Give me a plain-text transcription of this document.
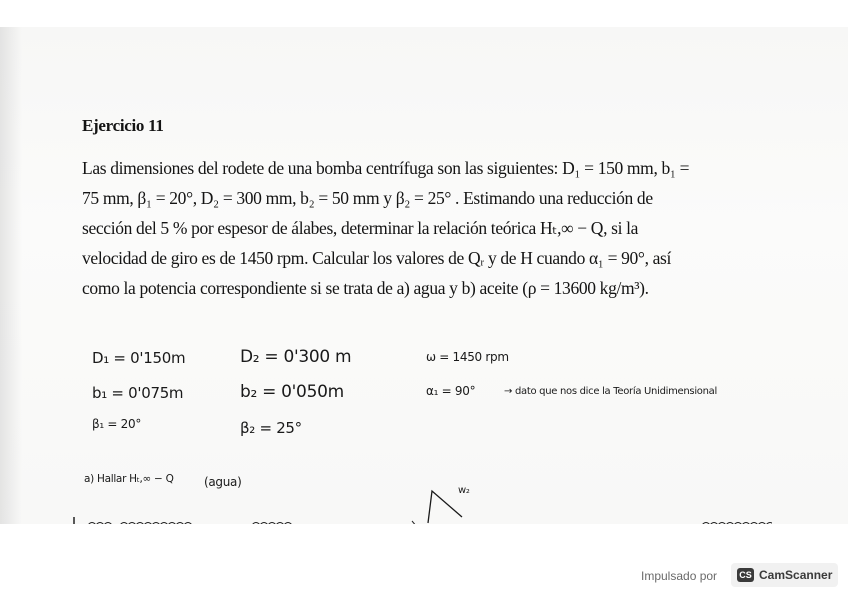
Ejercicio 11
Las dimensiones del rodete de una bomba centrífuga son las siguientes: D₁ = 150 mm, b₁ =
75 mm, β₁ = 20°, D₂ = 300 mm, b₂ = 50 mm y β₂ = 25° . Estimando una reducción de
sección del 5 % por espesor de álabes, determinar la relación teórica Hₜ,∞ − Q, si la
velocidad de giro es de 1450 rpm. Calcular los valores de Qᵣ y de H cuando α₁ = 90°, así
como la potencia correspondiente si se trata de a) agua y b) aceite (ρ = 13600 kg/m³).
D₁ = 0'150m
b₁ = 0'075m
β₁ = 20°
D₂ = 0'300 m
b₂ = 0'050m
β₂ = 25°
ω = 1450 rpm
α₁ = 90°	→ dato que nos dice la Teoría Unidimensional
a) Hallar Hₜ,∞ − Q	(agua)
w₂
Impulsado por CS CamScanner
